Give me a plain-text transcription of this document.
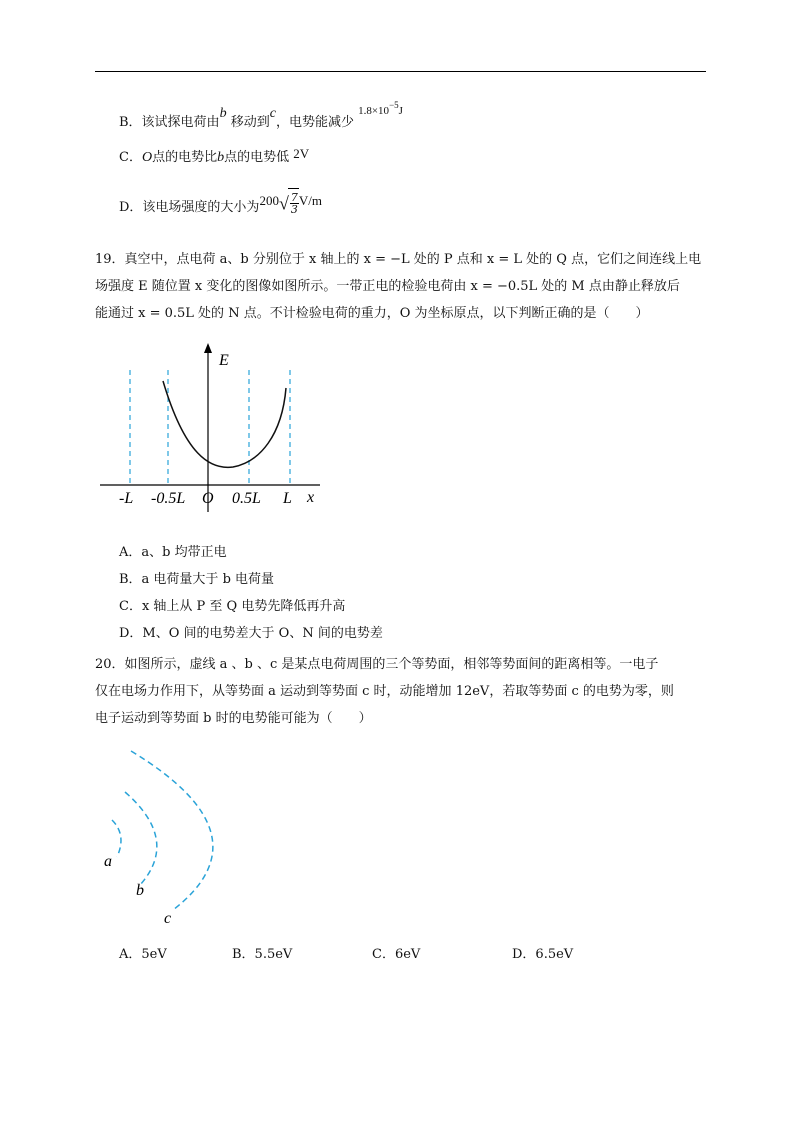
B．该试探电荷由b 移动到c，电势能减少 $^{1.8\times 10^{-5}J}$
C．O点的电势比b点的电势低 2V
D．该电场强度的大小为$200√ \frac{7}{3} V/m$
19．真空中，点电荷 a、b 分别位于 x 轴上的 x = −L 处的 P 点和 x = L 处的 Q 点，它们之间连线上电
场强度 E 随位置 x 变化的图像如图所示。一带正电的检验电荷由 x = −0.5L 处的 M 点由静止释放后
能通过 x = 0.5L 处的 N 点。不计检验电荷的重力，O 为坐标原点，以下判断正确的是（　　）
E
x
-L -0.5L O 0.5L L
A．a、b 均带正电
B．a 电荷量大于 b 电荷量
C．x 轴上从 P 至 Q 电势先降低再升高
D．M、O 间的电势差大于 O、N 间的电势差
20．如图所示，虚线 a 、b 、c 是某点电荷周围的三个等势面，相邻等势面间的距离相等。一电子
仅在电场力作用下，从等势面 a 运动到等势面 c 时，动能增加 12eV，若取等势面 c 的电势为零，则
电子运动到等势面 b 时的电势能可能为（　　）
a
b
c
A．5eV	B．5.5eV	C．6eV	D．6.5eV
